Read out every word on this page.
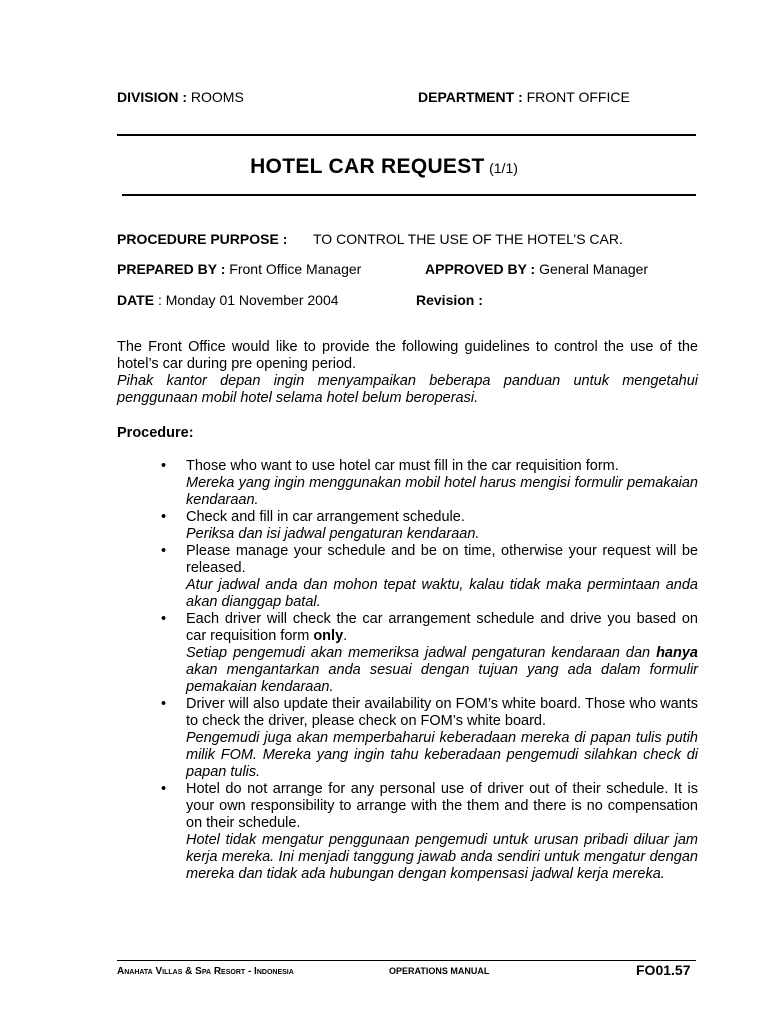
DIVISION : ROOMS	DEPARTMENT : FRONT OFFICE
HOTEL CAR REQUEST (1/1)
PROCEDURE PURPOSE : TO CONTROL THE USE OF THE HOTEL’S CAR.
PREPARED BY : Front Office Manager	APPROVED BY : General Manager
DATE : Monday 01 November 2004	Revision :

The Front Office would like to provide the following guidelines to control the use of the hotel’s car during pre opening period.

Pihak kantor depan ingin menyampaikan beberapa panduan untuk mengetahui penggunaan mobil hotel selama hotel belum beroperasi.

Procedure:
• Those who want to use hotel car must fill in the car requisition form.

Mereka yang ingin menggunakan mobil hotel harus mengisi formulir pemakaian kendaraan.

• Check and fill in car arrangement schedule.

Periksa dan isi jadwal pengaturan kendaraan.

• Please manage your schedule and be on time, otherwise your request will be released.

Atur jadwal anda dan mohon tepat waktu, kalau tidak maka permintaan anda akan dianggap batal.

• Each driver will check the car arrangement schedule and drive you based on car requisition form only.

Setiap pengemudi akan memeriksa jadwal pengaturan kendaraan dan hanya akan mengantarkan anda sesuai dengan tujuan yang ada dalam formulir pemakaian kendaraan.

• Driver will also update their availability on FOM’s white board. Those who wants to check the driver, please check on FOM’s white board.

Pengemudi juga akan memperbaharui keberadaan mereka di papan tulis putih milik FOM. Mereka yang ingin tahu keberadaan pengemudi silahkan check di papan tulis.

• Hotel do not arrange for any personal use of driver out of their schedule. It is your own responsibility to arrange with the them and there is no compensation on their schedule.

Hotel tidak mengatur penggunaan pengemudi untuk urusan pribadi diluar jam kerja mereka. Ini menjadi tanggung jawab anda sendiri untuk mengatur dengan mereka dan tidak ada hubungan dengan kompensasi jadwal kerja mereka.

Anahata Villas & Spa Resort - Indonesia	OPERATIONS MANUAL	FO01.57
